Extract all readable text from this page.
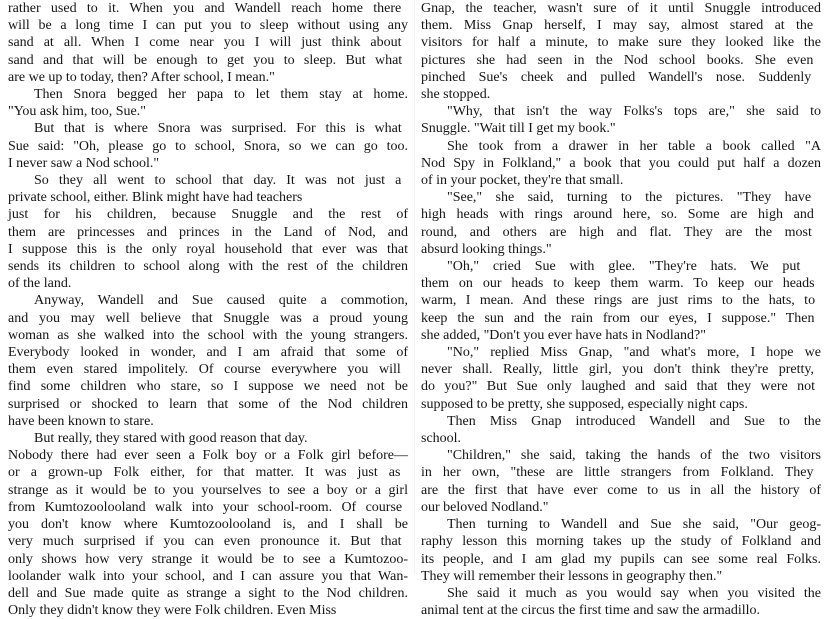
rather used to it. When you and Wandell reach home there
will be a long time I can put you to sleep without using any
sand at all. When I come near you I will just think about
sand and that will be enough to get you to sleep. But what
are we up to today, then? After school, I mean."
Then Snora begged her papa to let them stay at home.
"You ask him, too, Sue."
But that is where Snora was surprised. For this is what
Sue said: "Oh, please go to school, Snora, so we can go too.
I never saw a Nod school."
So they all went to school that day. It was not just a
private school, either. Blink might have had teachers
just for his children, because Snuggle and the rest of
them are princesses and princes in the Land of Nod, and
I suppose this is the only royal household that ever was that
sends its children to school along with the rest of the children
of the land.
Anyway, Wandell and Sue caused quite a commotion,
and you may well believe that Snuggle was a proud young
woman as she walked into the school with the young strangers.
Everybody looked in wonder, and I am afraid that some of
them even stared impolitely. Of course everywhere you will
find some children who stare, so I suppose we need not be
surprised or shocked to learn that some of the Nod children
have been known to stare.
But really, they stared with good reason that day.
Nobody there had ever seen a Folk boy or a Folk girl before—
or a grown-up Folk either, for that matter. It was just as
strange as it would be to you yourselves to see a boy or a girl
from Kumtozoolooland walk into your school-room. Of course
you don't know where Kumtozoolooland is, and I shall be
very much surprised if you can even pronounce it. But that
only shows how very strange it would be to see a Kumtozoo-
loolander walk into your school, and I can assure you that Wan-
dell and Sue made quite as strange a sight to the Nod children.
Only they didn't know they were Folk children. Even Miss
Gnap, the teacher, wasn't sure of it until Snuggle introduced
them. Miss Gnap herself, I may say, almost stared at the
visitors for half a minute, to make sure they looked like the
pictures she had seen in the Nod school books. She even
pinched Sue's cheek and pulled Wandell's nose. Suddenly
she stopped.
"Why, that isn't the way Folks's tops are," she said to
Snuggle. "Wait till I get my book."
She took from a drawer in her table a book called "A
Nod Spy in Folkland," a book that you could put half a dozen
of in your pocket, they're that small.
"See," she said, turning to the pictures. "They have
high heads with rings around here, so. Some are high and
round, and others are high and flat. They are the most
absurd looking things."
"Oh," cried Sue with glee. "They're hats. We put
them on our heads to keep them warm. To keep our heads
warm, I mean. And these rings are just rims to the hats, to
keep the sun and the rain from our eyes, I suppose." Then
she added, "Don't you ever have hats in Nodland?"
"No," replied Miss Gnap, "and what's more, I hope we
never shall. Really, little girl, you don't think they're pretty,
do you?" But Sue only laughed and said that they were not
supposed to be pretty, she supposed, especially night caps.
Then Miss Gnap introduced Wandell and Sue to the
school.
"Children," she said, taking the hands of the two visitors
in her own, "these are little strangers from Folkland. They
are the first that have ever come to us in all the history of
our beloved Nodland."
Then turning to Wandell and Sue she said, "Our geog-
raphy lesson this morning takes up the study of Folkland and
its people, and I am glad my pupils can see some real Folks.
They will remember their lessons in geography then."
She said it much as you would say when you visited the
animal tent at the circus the first time and saw the armadillo.
